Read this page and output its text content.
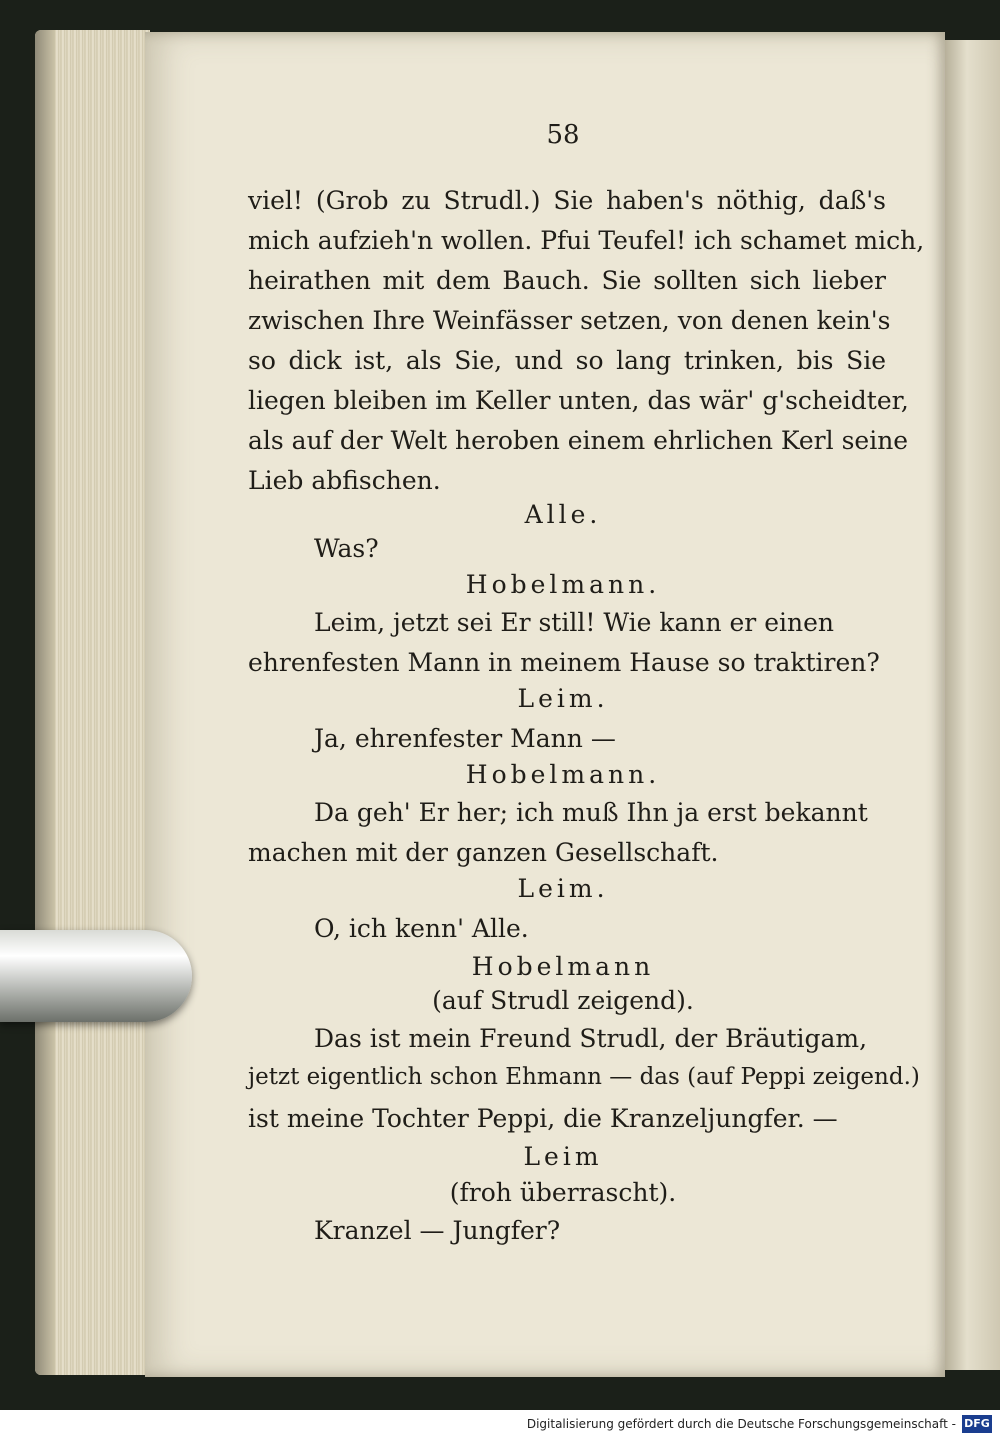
58
viel! (Grob zu Strudl.) Sie haben's nöthig, daß's
mich aufzieh'n wollen. Pfui Teufel! ich schamet mich,
heirathen mit dem Bauch. Sie sollten sich lieber
zwischen Ihre Weinfässer setzen, von denen kein's
so dick ist, als Sie, und so lang trinken, bis Sie
liegen bleiben im Keller unten, das wär' g'scheidter,
als auf der Welt heroben einem ehrlichen Kerl seine
Lieb abfischen.
Alle.
Was?
Hobelmann.
Leim, jetzt sei Er still! Wie kann er einen
ehrenfesten Mann in meinem Hause so traktiren?
Leim.
Ja, ehrenfester Mann —
Hobelmann.
Da geh' Er her; ich muß Ihn ja erst bekannt
machen mit der ganzen Gesellschaft.
Leim.
O, ich kenn' Alle.
Hobelmann
(auf Strudl zeigend).
Das ist mein Freund Strudl, der Bräutigam,
jetzt eigentlich schon Ehmann — das (auf Peppi zeigend.)
ist meine Tochter Peppi, die Kranzeljungfer. —
Leim
(froh überrascht).
Kranzel — Jungfer?
Digitalisierung gefördert durch die Deutsche Forschungsgemeinschaft - DFG
